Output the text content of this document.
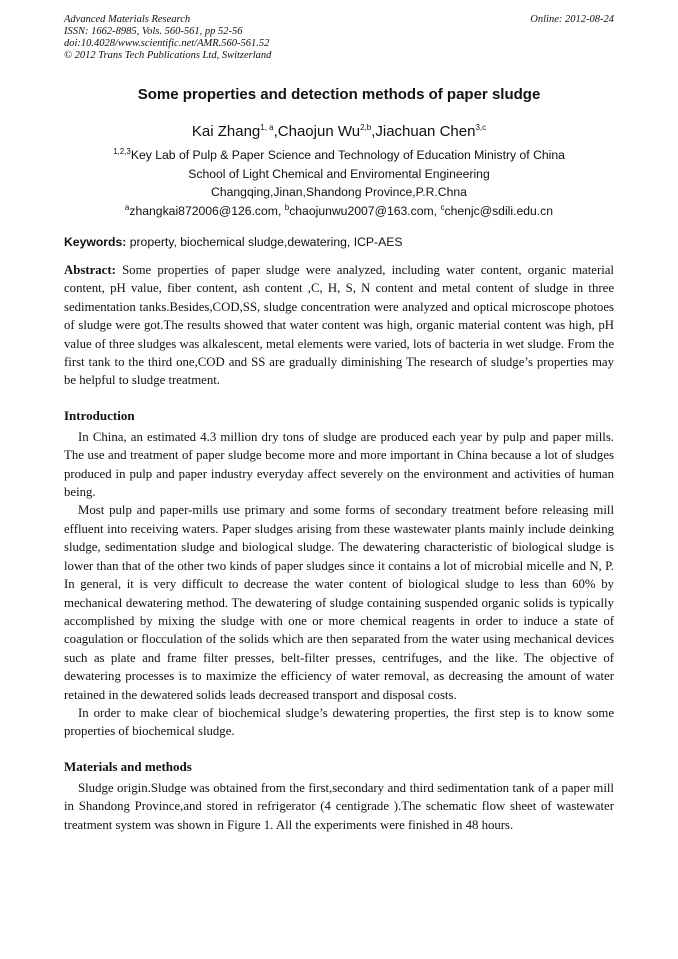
Advanced Materials Research
ISSN: 1662-8985, Vols. 560-561, pp 52-56
doi:10.4028/www.scientific.net/AMR.560-561.52
© 2012 Trans Tech Publications Ltd, Switzerland
Online: 2012-08-24
Some properties and detection methods of paper sludge
Kai Zhang$^{1, a}$,Chaojun Wu$^{2,b}$,Jiachuan Chen$^{3,c}$
$^{1,2,3}$Key Lab of Pulp & Paper Science and Technology of Education Ministry of China
School of Light Chemical and Enviromental Engineering
Changqing,Jinan,Shandong Province,P.R.Chna
$^a$zhangkai872006@126.com, $^b$chaojunwu2007@163.com, $^c$chenjc@sdili.edu.cn
Keywords: property, biochemical sludge,dewatering, ICP-AES
Abstract: Some properties of paper sludge were analyzed, including water content, organic material content, pH value, fiber content, ash content ,C, H, S, N content and metal content of sludge in three sedimentation tanks.Besides,COD,SS, sludge concentration were analyzed and optical microscope photoes of sludge were got.The results showed that water content was high, organic material content was high, pH value of three sludges was alkalescent, metal elements were varied, lots of bacteria in wet sludge. From the first tank to the third one,COD and SS are gradually diminishing The research of sludge’s properties may be helpful to sludge treatment.
Introduction

In China, an estimated 4.3 million dry tons of sludge are produced each year by pulp and paper mills. The use and treatment of paper sludge become more and more important in China because a lot of sludges produced in pulp and paper industry everyday affect severely on the environment and activities of human being.

Most pulp and paper-mills use primary and some forms of secondary treatment before releasing mill effluent into receiving waters. Paper sludges arising from these wastewater plants mainly include deinking sludge, sedimentation sludge and biological sludge. The dewatering characteristic of biological sludge is lower than that of the other two kinds of paper sludges since it contains a lot of microbial micelle and N, P. In general, it is very difficult to decrease the water content of biological sludge to less than 60% by mechanical dewatering method. The dewatering of sludge containing suspended organic solids is typically accomplished by mixing the sludge with one or more chemical reagents in order to induce a state of coagulation or flocculation of the solids which are then separated from the water using mechanical devices such as plate and frame filter presses, belt-filter presses, centrifuges, and the like. The objective of dewatering processes is to maximize the efficiency of water removal, as decreasing the amount of water retained in the dewatered solids leads decreased transport and disposal costs.

In order to make clear of biochemical sludge’s dewatering properties, the first step is to know some properties of biochemical sludge.

Materials and methods

Sludge origin.Sludge was obtained from the first,secondary and third sedimentation tank of a paper mill in Shandong Province,and stored in refrigerator (4 centigrade ).The schematic flow sheet of wastewater treatment system was shown in Figure 1. All the experiments were finished in 48 hours.
